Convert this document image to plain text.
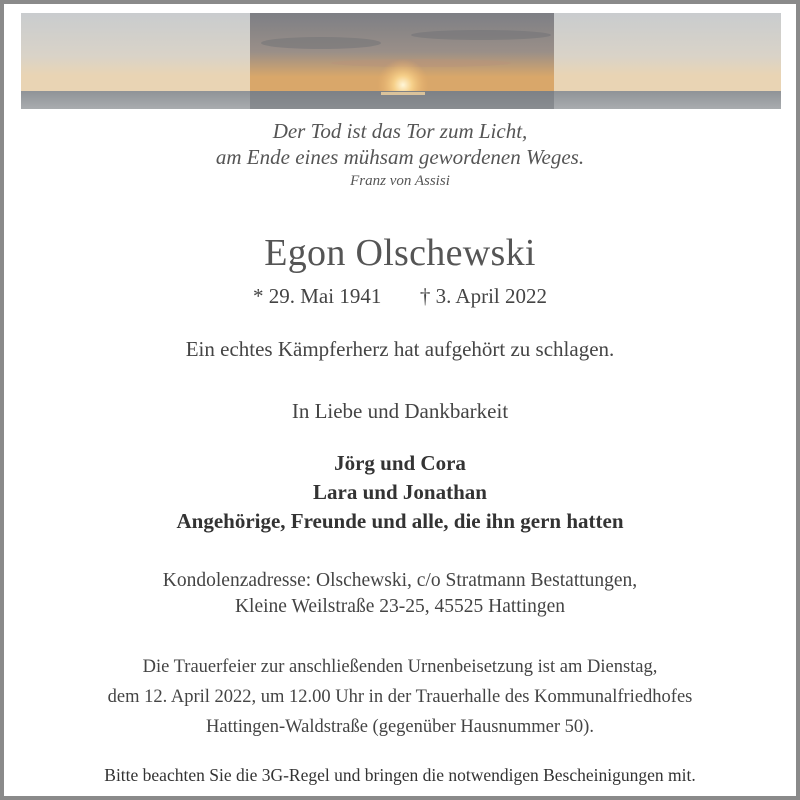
Der Tod ist das Tor zum Licht,
am Ende eines mühsam gewordenen Weges.
Franz von Assisi
Egon Olschewski
* 29. Mai 1941 † 3. April 2022
Ein echtes Kämpferherz hat aufgehört zu schlagen.
In Liebe und Dankbarkeit
Jörg und Cora
Lara und Jonathan
Angehörige, Freunde und alle, die ihn gern hatten
Kondolenzadresse: Olschewski, c/o Stratmann Bestattungen,
Kleine Weilstraße 23-25, 45525 Hattingen
Die Trauerfeier zur anschließenden Urnenbeisetzung ist am Dienstag,
dem 12. April 2022, um 12.00 Uhr in der Trauerhalle des Kommunalfriedhofes
Hattingen-Waldstraße (gegenüber Hausnummer 50).
Bitte beachten Sie die 3G-Regel und bringen die notwendigen Bescheinigungen mit.
